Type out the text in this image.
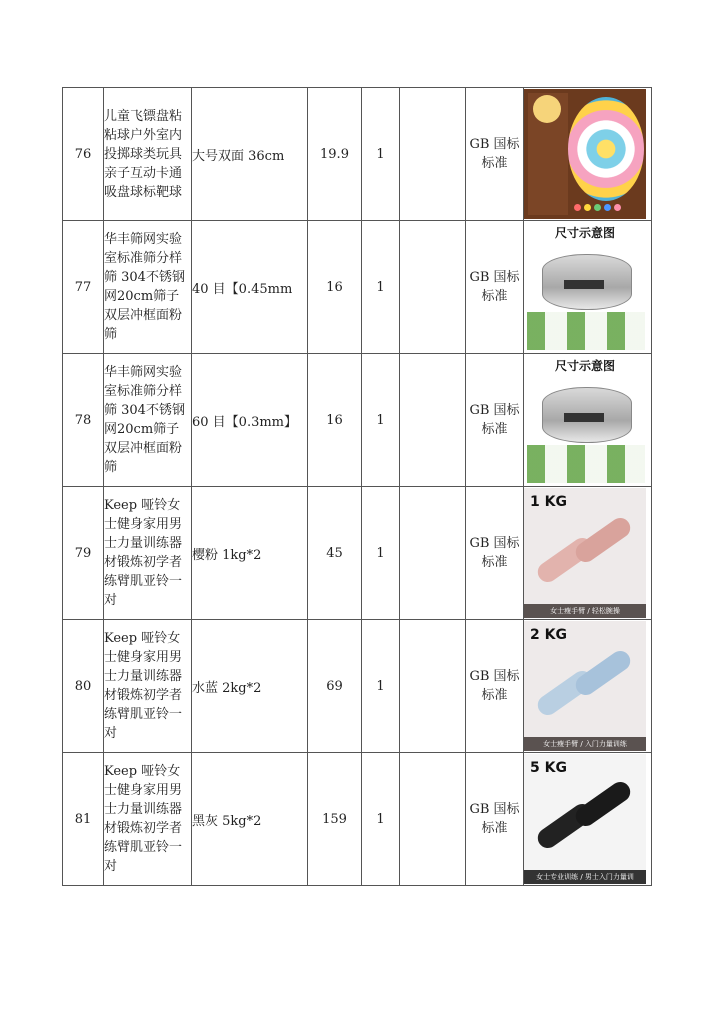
76	儿童飞镖盘粘粘球户外室内投掷球类玩具亲子互动卡通吸盘球标靶球	大号双面 36cm	19.9	1		GB 国标标准	

77	华丰筛网实验室标准筛分样筛 304不锈钢网20cm筛子双层冲框面粉筛	40 目【0.45mm	16	1		GB 国标标准	尺寸示意图

78	华丰筛网实验室标准筛分样筛 304不锈钢网20cm筛子双层冲框面粉筛	60 目【0.3mm】	16	1		GB 国标标准	尺寸示意图

79	Keep 哑铃女士健身家用男士力量训练器材锻炼初学者练臂肌亚铃一对	樱粉 1kg*2	45	1		GB 国标标准	1 KG
女士瘦手臂 / 轻松腕操

80	Keep 哑铃女士健身家用男士力量训练器材锻炼初学者练臂肌亚铃一对	水蓝 2kg*2	69	1		GB 国标标准	2 KG
女士瘦手臂 / 入门力量训练

81	Keep 哑铃女士健身家用男士力量训练器材锻炼初学者练臂肌亚铃一对	黑灰 5kg*2	159	1		GB 国标标准	5 KG
女士专业训练 / 男士入门力量训
